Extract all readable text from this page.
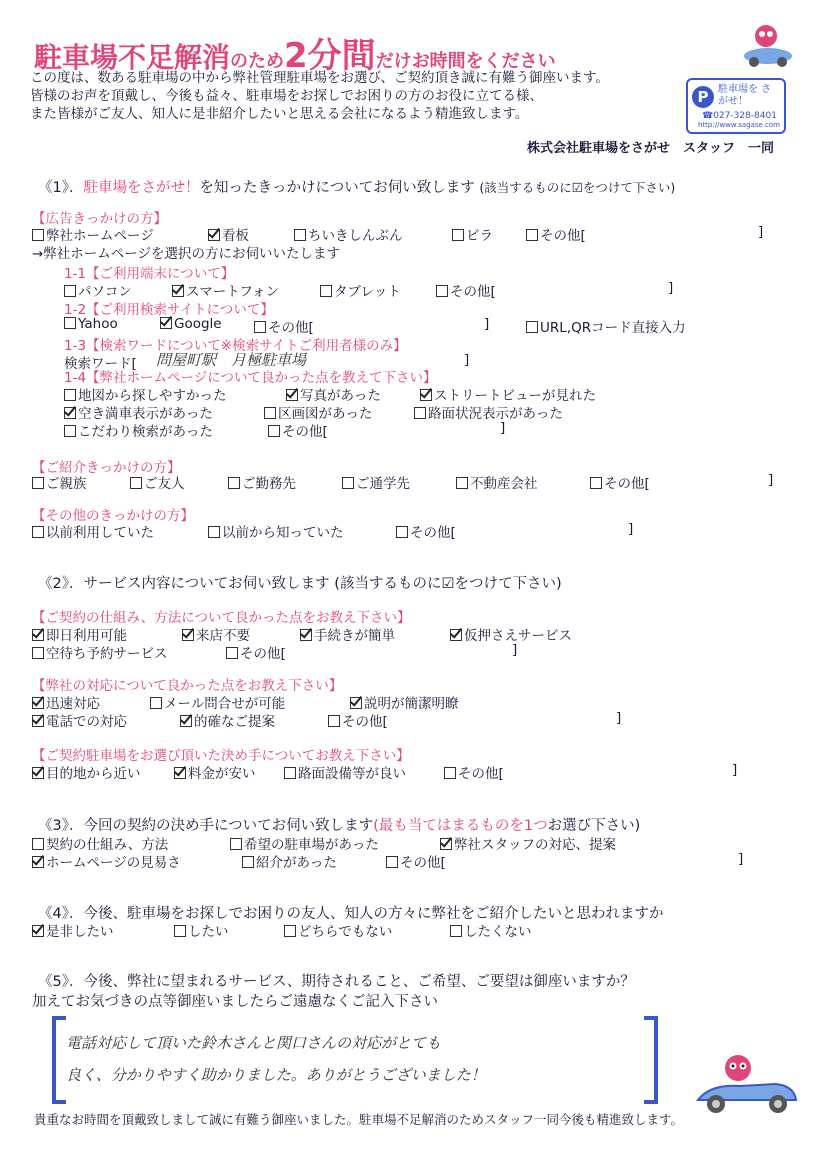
駐車場不足解消のため2分間だけお時間をください
この度は、数ある駐車場の中から弊社管理駐車場をお選び、ご契約頂き誠に有難う御座います。
皆様のお声を頂戴し、今後も益々、駐車場をお探しでお困りの方のお役に立てる様、
また皆様がご友人、知人に是非紹介したいと思える会社になるよう精進致します。
P 駐車場を さがせ！
☎027-328-8401
http://www.sagase.com
株式会社駐車場をさがせ　スタッフ　一同
《1》．駐車場をさがせ！を知ったきっかけについてお伺い致します (該当するものに☑をつけて下さい)
【広告きっかけの方】
弊社ホームページ	看板	ちいきしんぶん	ビラ	その他[	]
→弊社ホームページを選択の方にお伺いいたします
1-1【ご利用端末について】
パソコン	スマートフォン	タブレット	その他[	]
1-2【ご利用検索サイトについて】
Yahoo	Google	その他[	]	URL,QRコード直接入力
1-3【検索ワードについて※検索サイトご利用者様のみ】
検索ワード[ 問屋町駅　月極駐車場	]
1-4【弊社ホームページについて良かった点を教えて下さい】
地図から探しやすかった	写真があった	ストリートビューが見れた
空き満車表示があった	区画図があった	路面状況表示があった
こだわり検索があった	その他[	]
【ご紹介きっかけの方】
ご親族	ご友人	ご勤務先	ご通学先	不動産会社	その他[	]
【その他のきっかけの方】
以前利用していた	以前から知っていた	その他[	]
《2》．サービス内容についてお伺い致します (該当するものに☑をつけて下さい)
【ご契約の仕組み、方法について良かった点をお教え下さい】
即日利用可能	来店不要	手続きが簡単	仮押さえサービス
空待ち予約サービス	その他[	]
【弊社の対応について良かった点をお教え下さい】
迅速対応	メール問合せが可能	説明が簡潔明瞭
電話での対応	的確なご提案	その他[	]
【ご契約駐車場をお選び頂いた決め手についてお教え下さい】
目的地から近い	料金が安い	路面設備等が良い	その他[	]
《3》．今回の契約の決め手についてお伺い致します(最も当てはまるものを1つお選び下さい)
契約の仕組み、方法	希望の駐車場があった	弊社スタッフの対応、提案
ホームページの見易さ	紹介があった	その他[	]
《4》．今後、駐車場をお探しでお困りの友人、知人の方々に弊社をご紹介したいと思われますか
是非したい	したい	どちらでもない	したくない
《5》．今後、弊社に望まれるサービス、期待されること、ご希望、ご要望は御座いますか？
加えてお気づきの点等御座いましたらご遠慮なくご記入下さい
電話対応して頂いた鈴木さんと関口さんの対応がとても
良く、分かりやすく助かりました。ありがとうございました！
貴重なお時間を頂戴致しまして誠に有難う御座いました。駐車場不足解消のためスタッフ一同今後も精進致します。
